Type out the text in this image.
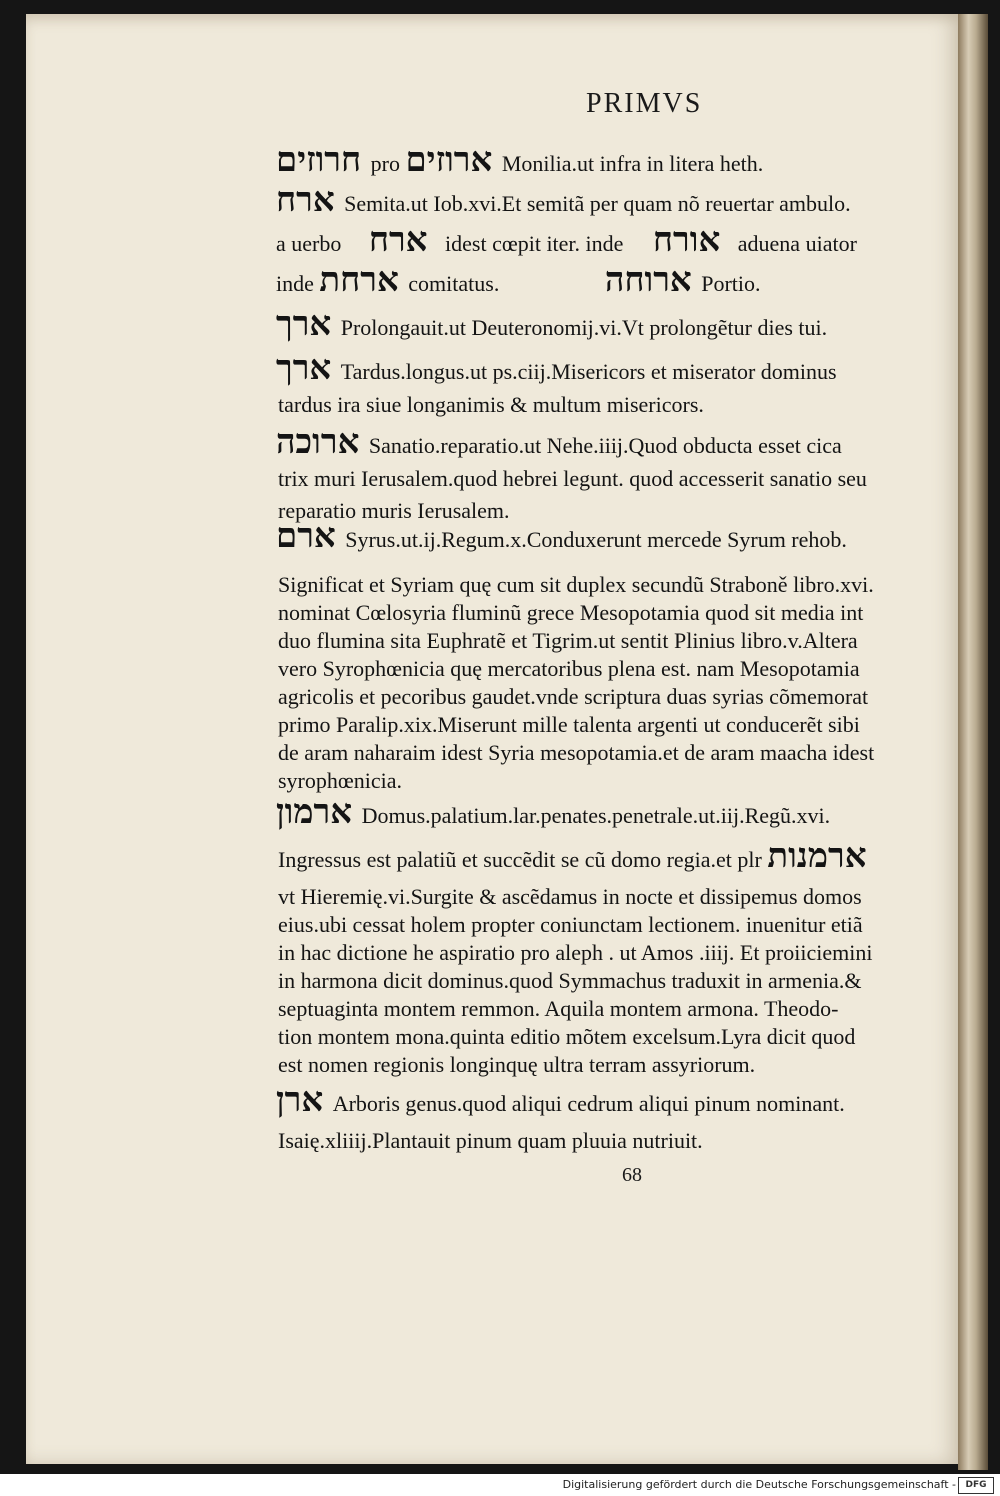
PRIMVS
חרוזים pro ארוזים Monilia.ut infra in litera heth.
ארח Semita.ut Iob.xvi.Et semitã per quam nõ reuertar ambulo.
a uerbo ארח idest cœpit iter. inde אורח aduena uiator
inde ארחת comitatus.	ארוחה Portio.
ארך Prolongauit.ut Deuteronomij.vi.Vt prolongẽtur dies tui.
ארך Tardus.longus.ut ps.ciij.Misericors et miserator dominus
tardus ira siue longanimis & multum misericors.
ארוכה Sanatio.reparatio.ut Nehe.iiij.Quod obducta esset cica
trix muri Ierusalem.quod hebrei legunt. quod accesserit sanatio seu
reparatio muris Ierusalem.
ארם Syrus.ut.ij.Regum.x.Conduxerunt mercede Syrum rehob.
Significat et Syriam quę cum sit duplex secundũ Straboně libro.xvi.
nominat Cœlosyria fluminũ grece Mesopotamia quod sit media int
duo flumina sita Euphratẽ et Tigrim.ut sentit Plinius libro.v.Altera
vero Syrophœnicia quę mercatoribus plena est. nam Mesopotamia
agricolis et pecoribus gaudet.vnde scriptura duas syrias cõmemorat
primo Paralip.xix.Miserunt mille talenta argenti ut conducerẽt sibi
de aram naharaim idest Syria mesopotamia.et de aram maacha idest
syrophœnicia.
ארמון Domus.palatium.lar.penates.penetrale.ut.iij.Regũ.xvi.
Ingressus est palatiũ et succẽdit se cũ domo regia.et plr ארמנות
vt Hieremię.vi.Surgite & ascẽdamus in nocte et dissipemus domos
eius.ubi cessat holem propter coniunctam lectionem. inuenitur etiã
in hac dictione he aspiratio pro aleph . ut Amos .iiij. Et proiiciemini
in harmona dicit dominus.quod Symmachus traduxit in armenia.&
septuaginta montem remmon. Aquila montem armona. Theodo-
tion montem mona.quinta editio mõtem excelsum.Lyra dicit quod
est nomen regionis longinquę ultra terram assyriorum.
ארן Arboris genus.quod aliqui cedrum aliqui pinum nominant.
Isaię.xliiij.Plantauit pinum quam pluuia nutriuit.
68
Digitalisierung gefördert durch die Deutsche Forschungsgemeinschaft -	DFG
